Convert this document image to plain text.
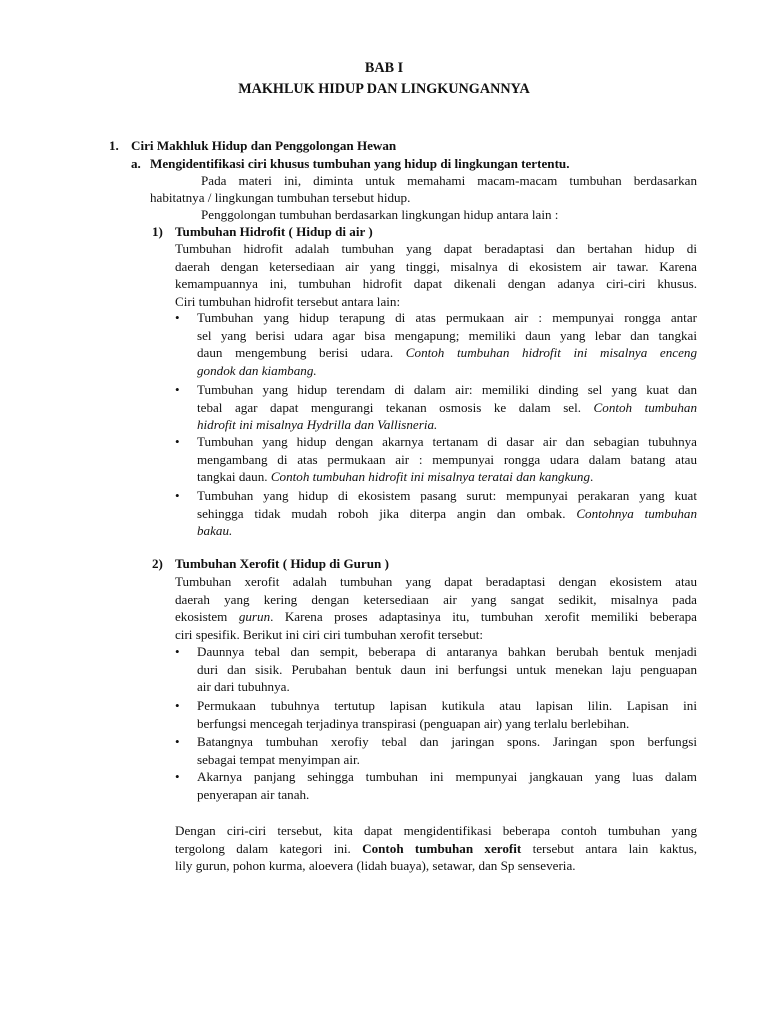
BAB I
MAKHLUK HIDUP DAN LINGKUNGANNYA
1. Ciri Makhluk Hidup dan Penggolongan Hewan
a. Mengidentifikasi ciri khusus tumbuhan yang hidup di lingkungan tertentu.
Pada materi ini, diminta untuk memahami macam-macam tumbuhan berdasarkan
habitatnya / lingkungan tumbuhan tersebut hidup.
Penggolongan tumbuhan berdasarkan lingkungan hidup antara lain :
1) Tumbuhan Hidrofit ( Hidup di air )
Tumbuhan hidrofit adalah tumbuhan yang dapat beradaptasi dan bertahan hidup di
daerah dengan ketersediaan air yang tinggi, misalnya di ekosistem air tawar. Karena
kemampuannya ini, tumbuhan hidrofit dapat dikenali dengan adanya ciri-ciri khusus.
Ciri tumbuhan hidrofit tersebut antara lain:
• Tumbuhan yang hidup terapung di atas permukaan air : mempunyai rongga antar
sel yang berisi udara agar bisa mengapung; memiliki daun yang lebar dan tangkai
daun mengembung berisi udara. Contoh tumbuhan hidrofit ini misalnya enceng
gondok dan kiambang.
• Tumbuhan yang hidup terendam di dalam air: memiliki dinding sel yang kuat dan
tebal agar dapat mengurangi tekanan osmosis ke dalam sel. Contoh tumbuhan
hidrofit ini misalnya Hydrilla dan Vallisneria.
• Tumbuhan yang hidup dengan akarnya tertanam di dasar air dan sebagian tubuhnya
mengambang di atas permukaan air : mempunyai rongga udara dalam batang atau
tangkai daun. Contoh tumbuhan hidrofit ini misalnya teratai dan kangkung.
• Tumbuhan yang hidup di ekosistem pasang surut: mempunyai perakaran yang kuat
sehingga tidak mudah roboh jika diterpa angin dan ombak. Contohnya tumbuhan
bakau.
2) Tumbuhan Xerofit ( Hidup di Gurun )
Tumbuhan xerofit adalah tumbuhan yang dapat beradaptasi dengan ekosistem atau
daerah yang kering dengan ketersediaan air yang sangat sedikit, misalnya pada
ekosistem gurun. Karena proses adaptasinya itu, tumbuhan xerofit memiliki beberapa
ciri spesifik. Berikut ini ciri ciri tumbuhan xerofit tersebut:
• Daunnya tebal dan sempit, beberapa di antaranya bahkan berubah bentuk menjadi
duri dan sisik. Perubahan bentuk daun ini berfungsi untuk menekan laju penguapan
air dari tubuhnya.
• Permukaan tubuhnya tertutup lapisan kutikula atau lapisan lilin. Lapisan ini
berfungsi mencegah terjadinya transpirasi (penguapan air) yang terlalu berlebihan.
• Batangnya tumbuhan xerofiy tebal dan jaringan spons. Jaringan spon berfungsi
sebagai tempat menyimpan air.
• Akarnya panjang sehingga tumbuhan ini mempunyai jangkauan yang luas dalam
penyerapan air tanah.
Dengan ciri-ciri tersebut, kita dapat mengidentifikasi beberapa contoh tumbuhan yang
tergolong dalam kategori ini. Contoh tumbuhan xerofit tersebut antara lain kaktus,
lily gurun, pohon kurma, aloevera (lidah buaya), setawar, dan Sp senseveria.
